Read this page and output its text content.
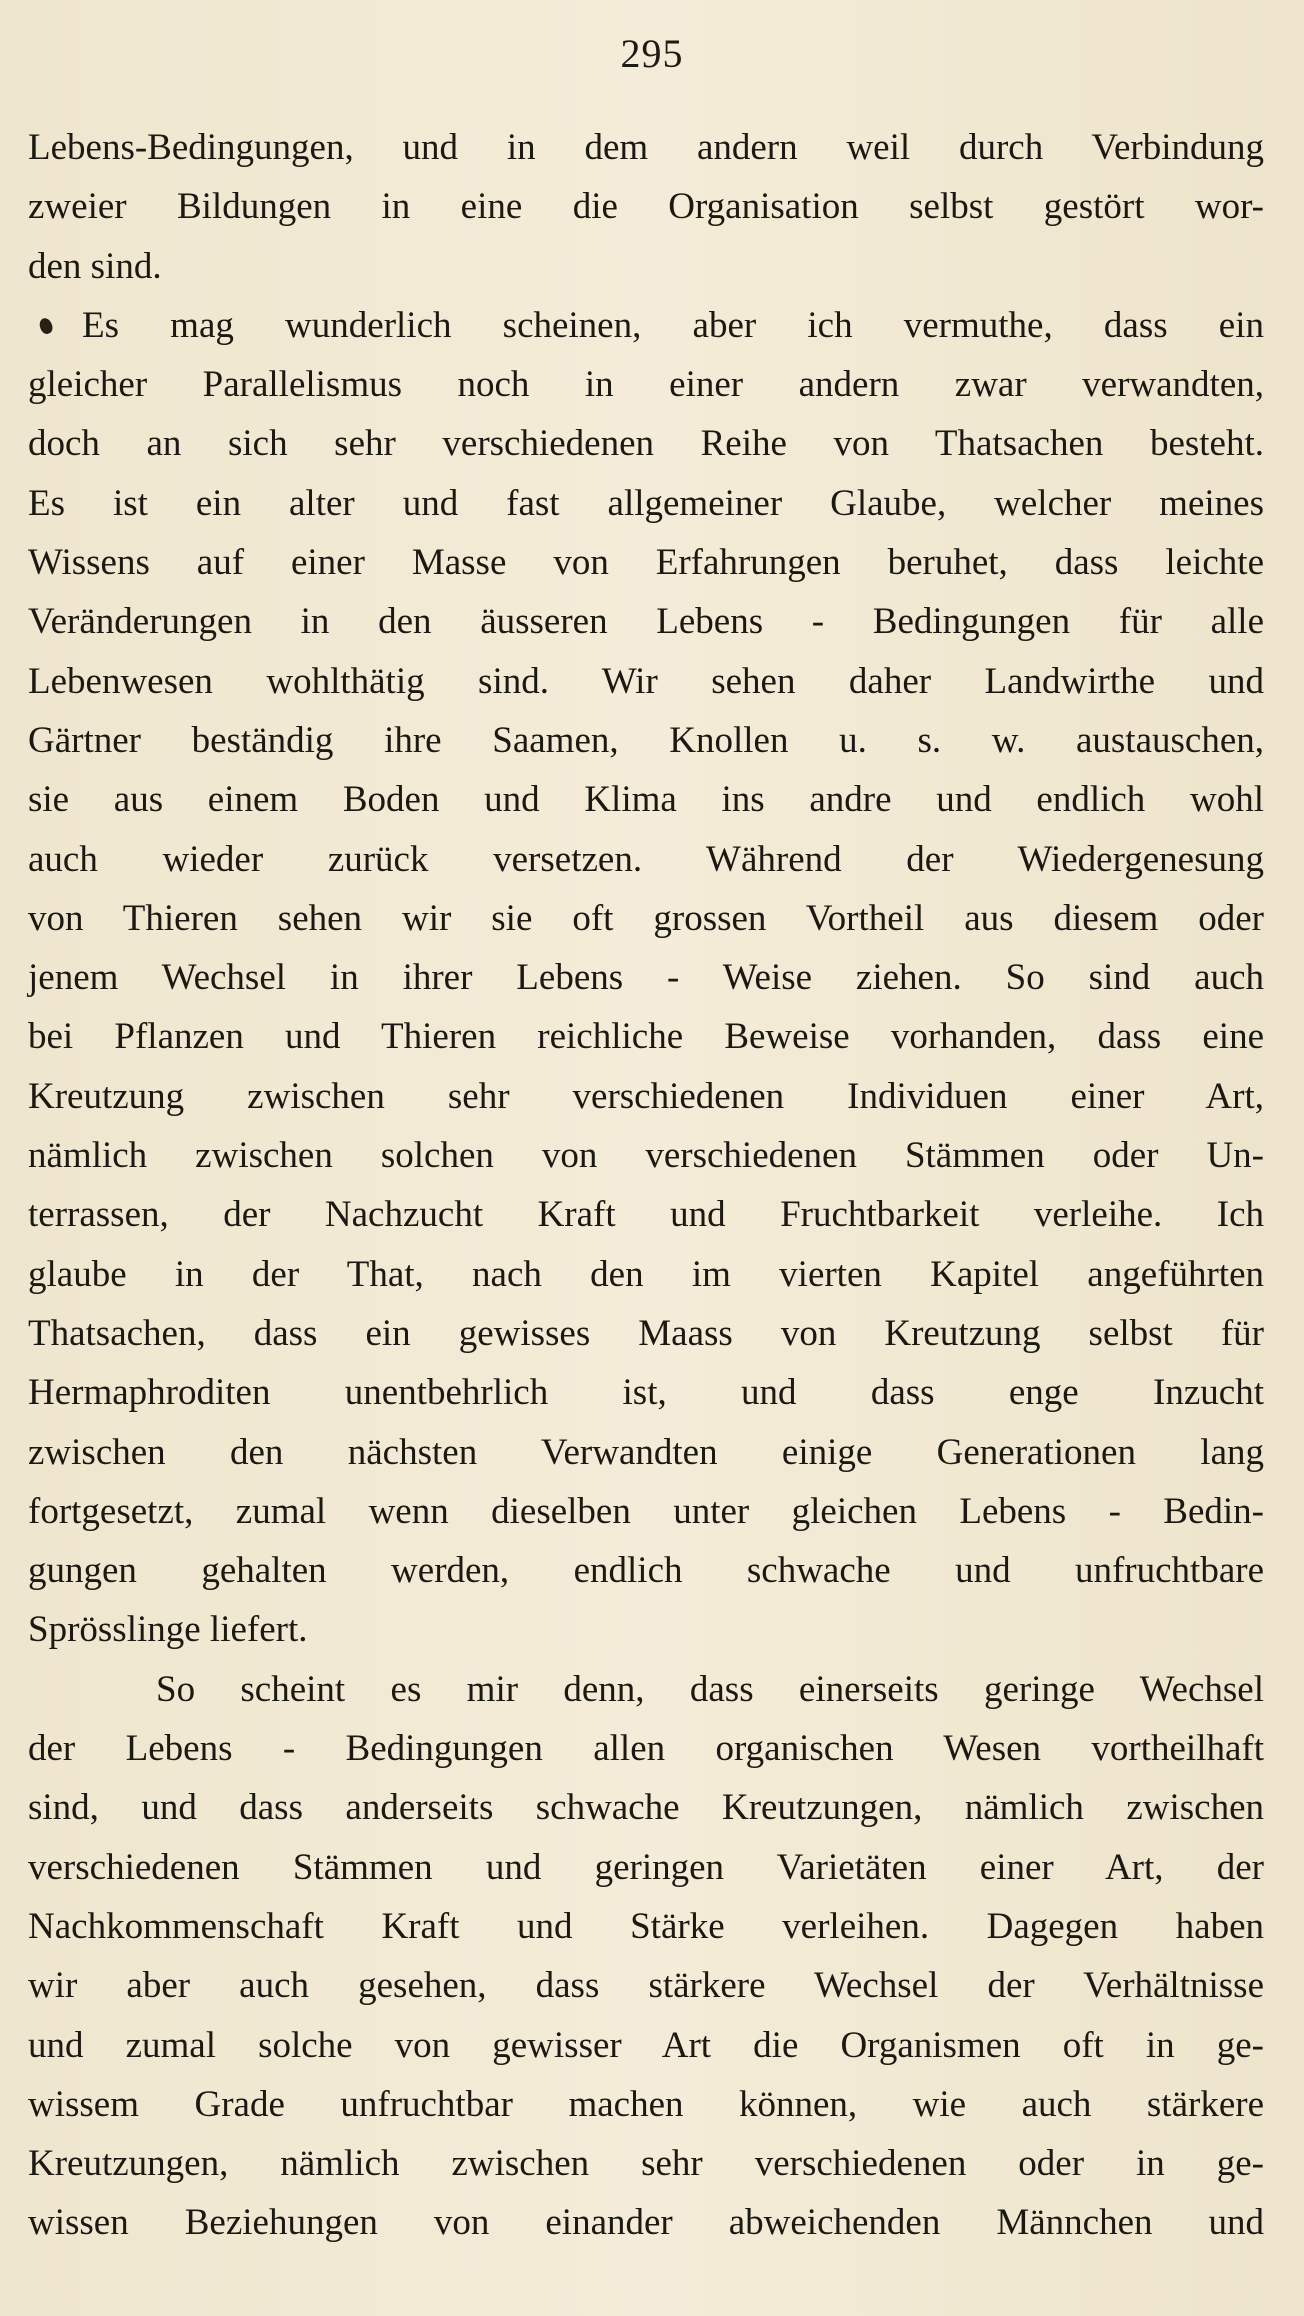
295
Lebens-Bedingungen, und in dem andern weil durch Verbindung
zweier Bildungen in eine die Organisation selbst gestört wor-
den sind.
Es mag wunderlich scheinen, aber ich vermuthe, dass ein
gleicher Parallelismus noch in einer andern zwar verwandten,
doch an sich sehr verschiedenen Reihe von Thatsachen besteht.
Es ist ein alter und fast allgemeiner Glaube, welcher meines
Wissens auf einer Masse von Erfahrungen beruhet, dass leichte
Veränderungen in den äusseren Lebens - Bedingungen für alle
Lebenwesen wohlthätig sind. Wir sehen daher Landwirthe und
Gärtner beständig ihre Saamen, Knollen u. s. w. austauschen,
sie aus einem Boden und Klima ins andre und endlich wohl
auch wieder zurück versetzen. Während der Wiedergenesung
von Thieren sehen wir sie oft grossen Vortheil aus diesem oder
jenem Wechsel in ihrer Lebens - Weise ziehen. So sind auch
bei Pflanzen und Thieren reichliche Beweise vorhanden, dass eine
Kreutzung zwischen sehr verschiedenen Individuen einer Art,
nämlich zwischen solchen von verschiedenen Stämmen oder Un-
terrassen, der Nachzucht Kraft und Fruchtbarkeit verleihe. Ich
glaube in der That, nach den im vierten Kapitel angeführten
Thatsachen, dass ein gewisses Maass von Kreutzung selbst für
Hermaphroditen unentbehrlich ist, und dass enge Inzucht
zwischen den nächsten Verwandten einige Generationen lang
fortgesetzt, zumal wenn dieselben unter gleichen Lebens - Bedin-
gungen gehalten werden, endlich schwache und unfruchtbare
Sprösslinge liefert.
So scheint es mir denn, dass einerseits geringe Wechsel
der Lebens - Bedingungen allen organischen Wesen vortheilhaft
sind, und dass anderseits schwache Kreutzungen, nämlich zwischen
verschiedenen Stämmen und geringen Varietäten einer Art, der
Nachkommenschaft Kraft und Stärke verleihen. Dagegen haben
wir aber auch gesehen, dass stärkere Wechsel der Verhältnisse
und zumal solche von gewisser Art die Organismen oft in ge-
wissem Grade unfruchtbar machen können, wie auch stärkere
Kreutzungen, nämlich zwischen sehr verschiedenen oder in ge-
wissen Beziehungen von einander abweichenden Männchen und
